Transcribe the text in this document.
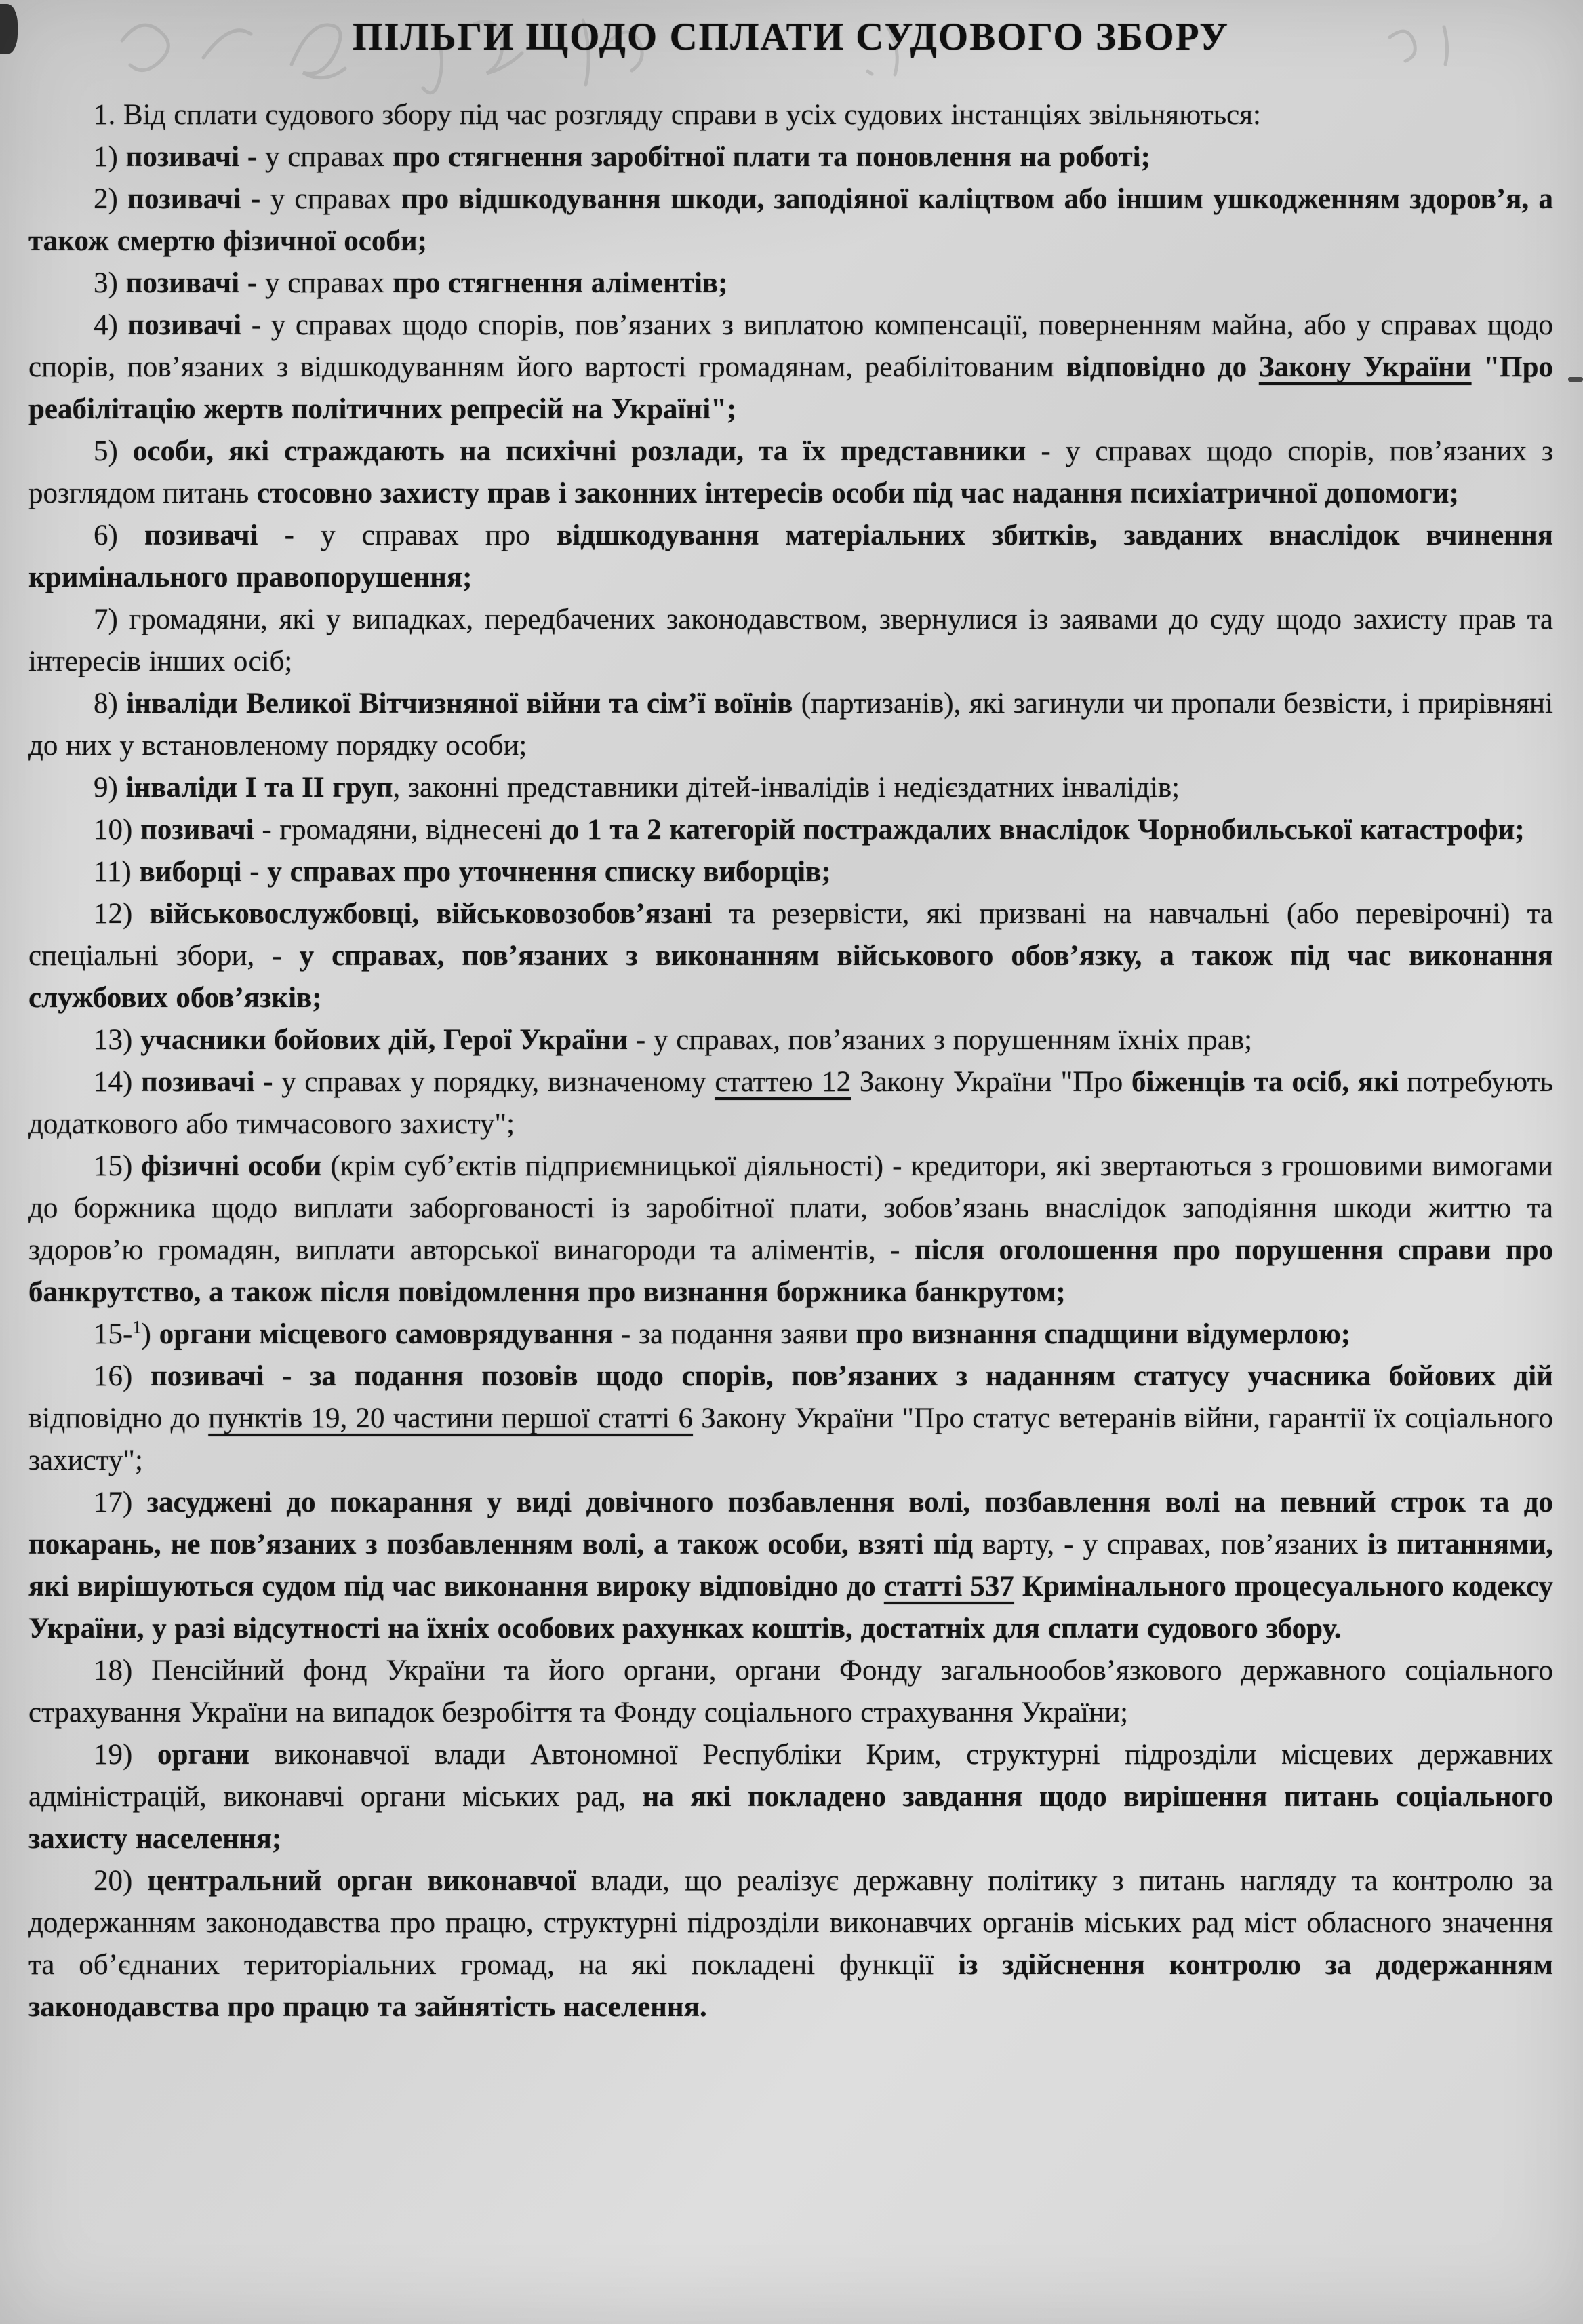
ПІЛЬГИ ЩОДО СПЛАТИ СУДОВОГО ЗБОРУ

1. Від сплати судового збору під час розгляду справи в усіх судових інстанціях звільняються:

1) позивачі - у справах про стягнення заробітної плати та поновлення на роботі;

2) позивачі - у справах про відшкодування шкоди, заподіяної каліцтвом або іншим ушкодженням здоров’я, а також смертю фізичної особи;

3) позивачі - у справах про стягнення аліментів;

4) позивачі - у справах щодо спорів, пов’язаних з виплатою компенсації, поверненням майна, або у справах щодо спорів, пов’язаних з відшкодуванням його вартості громадянам, реабілітованим відповідно до Закону України "Про реабілітацію жертв політичних репресій на Україні";

5) особи, які страждають на психічні розлади, та їх представники - у справах щодо спорів, пов’язаних з розглядом питань стосовно захисту прав і законних інтересів особи під час надання психіатричної допомоги;

6) позивачі - у справах про відшкодування матеріальних збитків, завданих внаслідок вчинення кримінального правопорушення;

7) громадяни, які у випадках, передбачених законодавством, звернулися із заявами до суду щодо захисту прав та інтересів інших осіб;

8) інваліди Великої Вітчизняної війни та сім’ї воїнів (партизанів), які загинули чи пропали безвісти, і прирівняні до них у встановленому порядку особи;

9) інваліди I та II груп, законні представники дітей-інвалідів і недієздатних інвалідів;

10) позивачі - громадяни, віднесені до 1 та 2 категорій постраждалих внаслідок Чорнобильської катастрофи;

11) виборці - у справах про уточнення списку виборців;

12) військовослужбовці, військовозобов’язані та резервісти, які призвані на навчальні (або перевірочні) та спеціальні збори, - у справах, пов’язаних з виконанням військового обов’язку, а також під час виконання службових обов’язків;

13) учасники бойових дій, Герої України - у справах, пов’язаних з порушенням їхніх прав;

14) позивачі - у справах у порядку, визначеному статтею 12 Закону України "Про біженців та осіб, які потребують додаткового або тимчасового захисту";

15) фізичні особи (крім суб’єктів підприємницької діяльності) - кредитори, які звертаються з грошовими вимогами до боржника щодо виплати заборгованості із заробітної плати, зобов’язань внаслідок заподіяння шкоди життю та здоров’ю громадян, виплати авторської винагороди та аліментів, - після оголошення про порушення справи про банкрутство, а також після повідомлення про визнання боржника банкрутом;

15-$^1$) органи місцевого самоврядування - за подання заяви про визнання спадщини відумерлою;

16) позивачі - за подання позовів щодо спорів, пов’язаних з наданням статусу учасника бойових дій відповідно до пунктів 19, 20 частини першої статті 6 Закону України "Про статус ветеранів війни, гарантії їх соціального захисту";

17) засуджені до покарання у виді довічного позбавлення волі, позбавлення волі на певний строк та до покарань, не пов’язаних з позбавленням волі, а також особи, взяті під варту, - у справах, пов’язаних із питаннями, які вирішуються судом під час виконання вироку відповідно до статті 537 Кримінального процесуального кодексу України, у разі відсутності на їхніх особових рахунках коштів, достатніх для сплати судового збору.

18) Пенсійний фонд України та його органи, органи Фонду загальнообов’язкового державного соціального страхування України на випадок безробіття та Фонду соціального страхування України;

19) органи виконавчої влади Автономної Республіки Крим, структурні підрозділи місцевих державних адміністрацій, виконавчі органи міських рад, на які покладено завдання щодо вирішення питань соціального захисту населення;

20) центральний орган виконавчої влади, що реалізує державну політику з питань нагляду та контролю за додержанням законодавства про працю, структурні підрозділи виконавчих органів міських рад міст обласного значення та об’єднаних територіальних громад, на які покладені функції із здійснення контролю за додержанням законодавства про працю та зайнятість населення.
